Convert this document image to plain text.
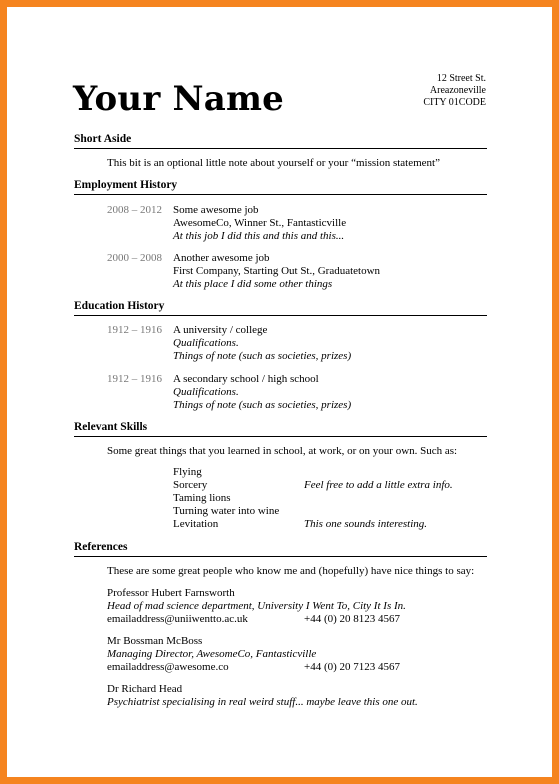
Your Name
12 Street St.
Areazoneville
CITY 01CODE
Short Aside
This bit is an optional little note about yourself or your “mission statement”
Employment History
2008 – 2012 Some awesome job
AwesomeCo, Winner St., Fantasticville
At this job I did this and this and this...
2000 – 2008 Another awesome job
First Company, Starting Out St., Graduatetown
At this place I did some other things
Education History
1912 – 1916 A university / college
Qualifications.
Things of note (such as societies, prizes)
1912 – 1916 A secondary school / high school
Qualifications.
Things of note (such as societies, prizes)
Relevant Skills
Some great things that you learned in school, at work, or on your own. Such as:
Flying
Sorcery	Feel free to add a little extra info.
Taming lions
Turning water into wine
Levitation	This one sounds interesting.
References
These are some great people who know me and (hopefully) have nice things to say:
Professor Hubert Farnsworth
Head of mad science department, University I Went To, City It Is In.
emailaddress@uniiwentto.ac.uk	+44 (0) 20 8123 4567
Mr Bossman McBoss
Managing Director, AwesomeCo, Fantasticville
emailaddress@awesome.co	+44 (0) 20 7123 4567
Dr Richard Head
Psychiatrist specialising in real weird stuff... maybe leave this one out.
